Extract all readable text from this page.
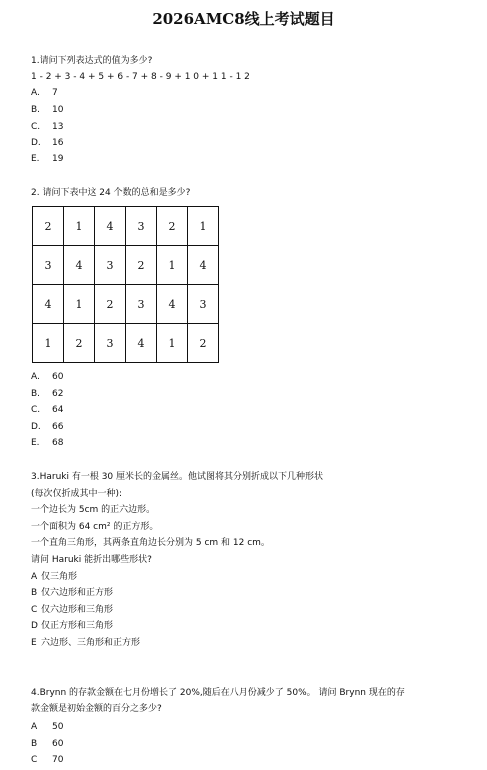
2026AMC8线上考试题目
1.请问下列表达式的值为多少?
1 - 2 + 3 - 4 + 5 + 6 - 7 + 8 - 9 + 1 0 + 1 1 - 1 2
A. 7
B. 10
C. 13
D. 16
E. 19
2. 请问下表中这 24 个数的总和是多少?
2	1	4	3	2	1
3	4	3	2	1	4
4	1	2	3	4	3
1	2	3	4	1	2
A. 60
B. 62
C. 64
D. 66
E. 68
3.Haruki 有一根 30 厘米长的金属丝。他试图将其分别折成以下几种形状
(每次仅折成其中一种):
一个边长为 5cm 的正六边形。
一个面积为 64 cm² 的正方形。
一个直角三角形，其两条直角边长分别为 5 cm 和 12 cm。
请问 Haruki 能折出哪些形状?
A 仅三角形
B 仅六边形和正方形
C 仅六边形和三角形
D 仅正方形和三角形
E 六边形、三角形和正方形
4.Brynn 的存款金额在七月份增长了 20%,随后在八月份减少了 50%。 请问 Brynn 现在的存
款金额是初始金额的百分之多少?
A 50
B 60
C 70
